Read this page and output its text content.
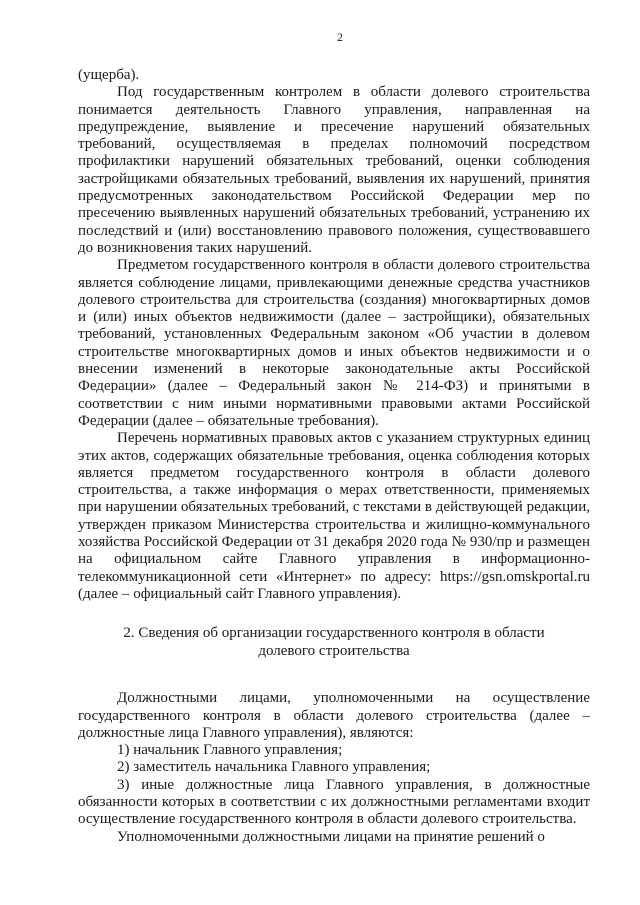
2

(ущерба).

Под государственным контролем в области долевого строительства понимается деятельность Главного управления, направленная на предупреждение, выявление и пресечение нарушений обязательных требований, осуществляемая в пределах полномочий посредством профилактики нарушений обязательных требований, оценки соблюдения застройщиками обязательных требований, выявления их нарушений, принятия предусмотренных законодательством Российской Федерации мер по пресечению выявленных нарушений обязательных требований, устранению их последствий и (или) восстановлению правового положения, существовавшего до возникновения таких нарушений.

Предметом государственного контроля в области долевого строительства является соблюдение лицами, привлекающими денежные средства участников долевого строительства для строительства (создания) многоквартирных домов и (или) иных объектов недвижимости (далее – застройщики), обязательных требований, установленных Федеральным законом «Об участии в долевом строительстве многоквартирных домов и иных объектов недвижимости и о внесении изменений в некоторые законодательные акты Российской Федерации» (далее – Федеральный закон № 214-ФЗ) и принятыми в соответствии с ним иными нормативными правовыми актами Российской Федерации (далее – обязательные требования).

Перечень нормативных правовых актов с указанием структурных единиц этих актов, содержащих обязательные требования, оценка соблюдения которых является предметом государственного контроля в области долевого строительства, а также информация о мерах ответственности, применяемых при нарушении обязательных требований, с текстами в действующей редакции, утвержден приказом Министерства строительства и жилищно-коммунального хозяйства Российской Федерации от 31 декабря 2020 года № 930/пр и размещен на официальном сайте Главного управления в информационно-телекоммуникационной сети «Интернет» по адресу: https://gsn.omskportal.ru (далее – официальный сайт Главного управления).

2. Сведения об организации государственного контроля в области
долевого строительства

Должностными лицами, уполномоченными на осуществление государственного контроля в области долевого строительства (далее – должностные лица Главного управления), являются:

1) начальник Главного управления;

2) заместитель начальника Главного управления;

3) иные должностные лица Главного управления, в должностные обязанности которых в соответствии с их должностными регламентами входит осуществление государственного контроля в области долевого строительства.

Уполномоченными должностными лицами на принятие решений о
